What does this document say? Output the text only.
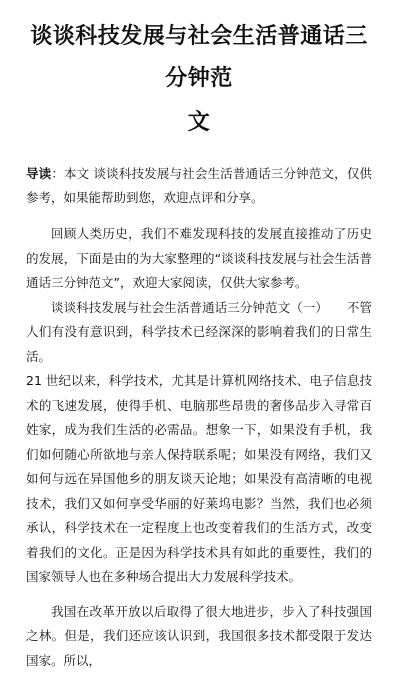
谈谈科技发展与社会生活普通话三分钟范
文
导读：本文 谈谈科技发展与社会生活普通话三分钟范文，仅供参考，如果能帮助到您，欢迎点评和分享。

回顾人类历史，我们不难发现科技的发展直接推动了历史的发展，下面是由的为大家整理的“谈谈科技发展与社会生活普通话三分钟范文”，欢迎大家阅读，仅供大家参考。

谈谈科技发展与社会生活普通话三分钟范文（一）　　不管人们有没有意识到，科学技术已经深深的影响着我们的日常生活。

21 世纪以来，科学技术，尤其是计算机网络技术、电子信息技术的飞速发展，使得手机、电脑那些昂贵的奢侈品步入寻常百姓家，成为我们生活的必需品。想象一下，如果没有手机，我们如何随心所欲地与亲人保持联系呢；如果没有网络，我们又如何与远在异国他乡的朋友谈天论地；如果没有高清晰的电视技术，我们又如何享受华丽的好莱坞电影？当然，我们也必须承认，科学技术在一定程度上也改变着我们的生活方式，改变着我们的文化。正是因为科学技术具有如此的重要性，我们的国家领导人也在多种场合提出大力发展科学技术。

我国在改革开放以后取得了很大地进步，步入了科技强国之林。但是，我们还应该认识到，我国很多技术都受限于发达国家。所以，
